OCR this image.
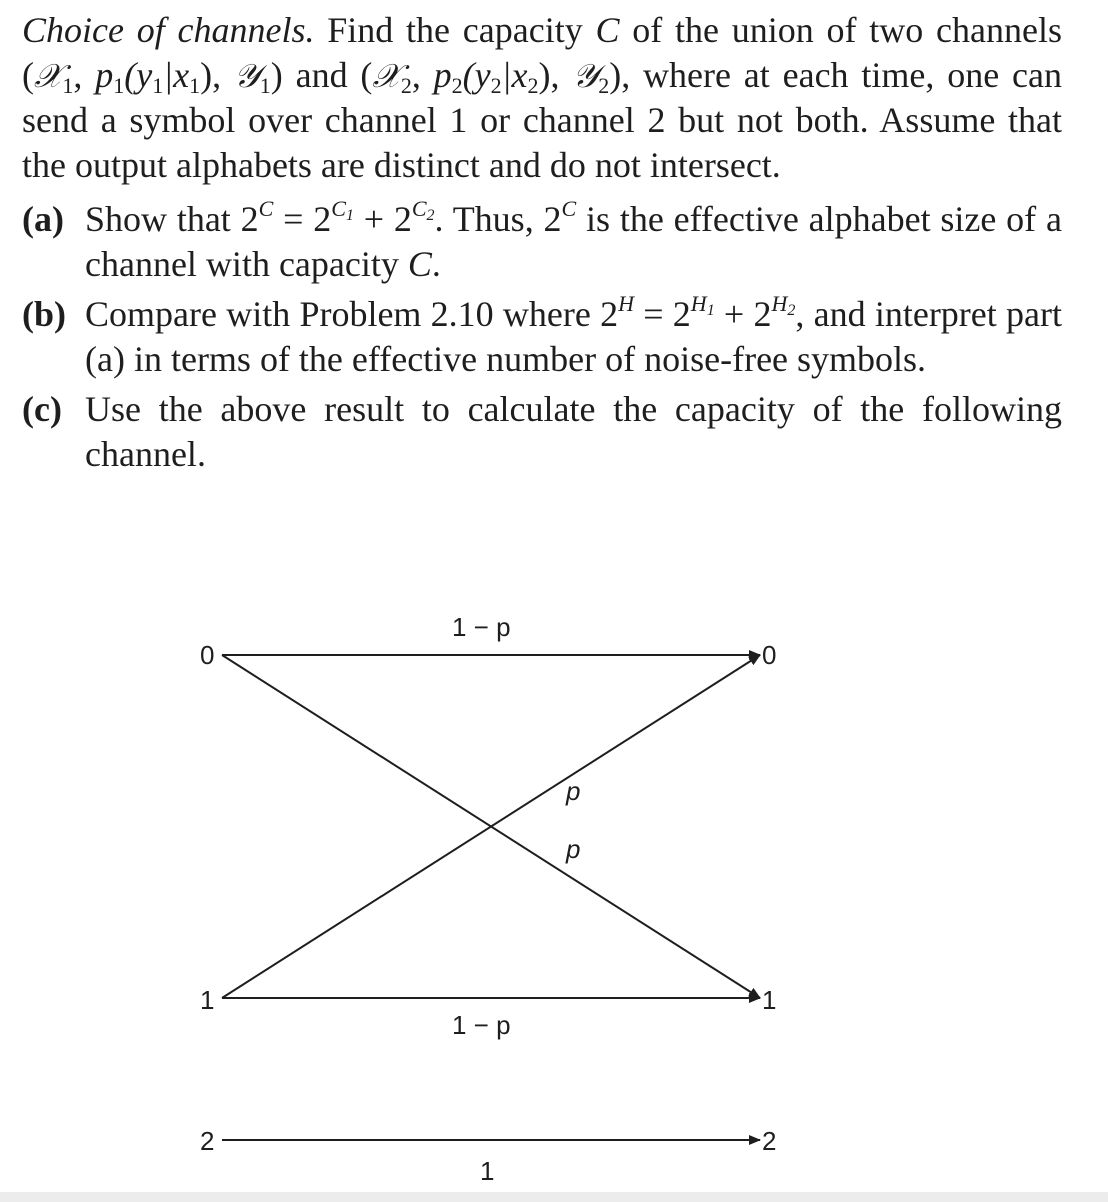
Choice of channels. Find the capacity C of the union of two channels (𝒳$_1$, $p_1(y_1|x_1)$, 𝒴$_1$) and (𝒳$_2$, $p_2(y_2|x_2)$, 𝒴$_2$), where at each time, one can send a symbol over channel 1 or channel 2 but not both. Assume that the output alphabets are distinct and do not intersect.

(a) Show that $2^C = 2^{C_1} + 2^{C_2}$. Thus, $2^C$ is the effective alphabet size of a channel with capacity C.
(b) Compare with Problem 2.10 where $2^H = 2^{H_1} + 2^{H_2}$, and interpret part (a) in terms of the effective number of noise-free symbols.
(c) Use the above result to calculate the capacity of the following channel.
0
1
2
0
1
2
1 − p
p
p
1 − p
1
